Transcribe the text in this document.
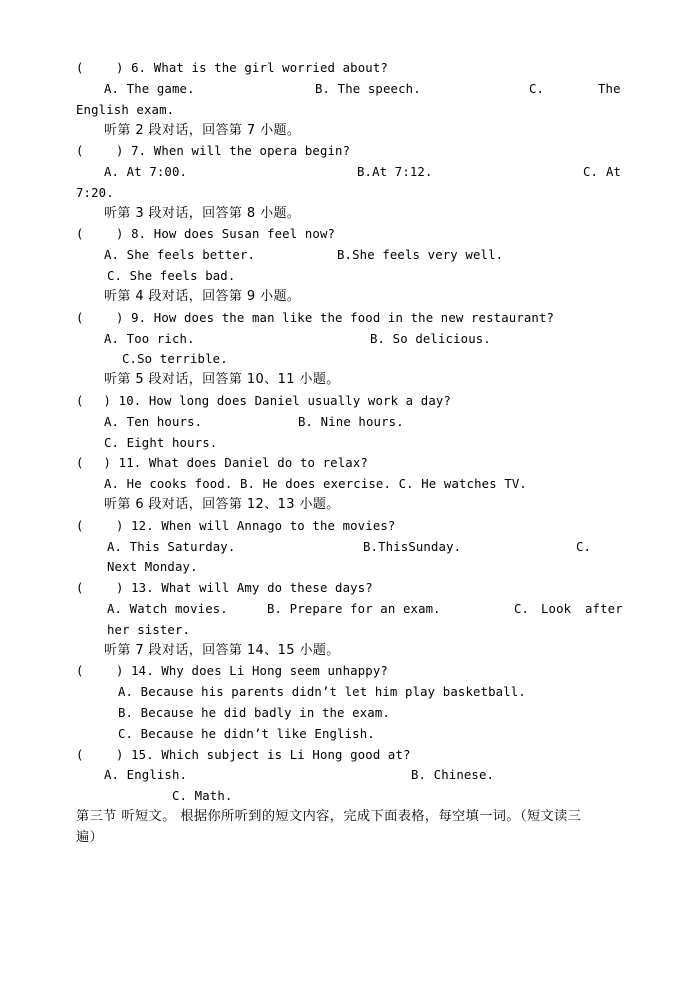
(　 　) 6. What is the girl worried about?
A. The game.	B. The speech.	C.	The
English exam.
听第 2 段对话，回答第 7 小题。
(　 　) 7. When will the opera begin?
A. At 7:00.	B.At 7:12.	C. At
7:20.
听第 3 段对话，回答第 8 小题。
(　 　) 8. How does Susan feel now?
A. She feels better.	B.She feels very well.
C. She feels bad.
听第 4 段对话，回答第 9 小题。
(　 　) 9. How does the man like the food in the new restaurant?
A. Too rich.	B. So delicious.
C.So terrible.
听第 5 段对话，回答第 10、11 小题。
(　 ) 10. How long does Daniel usually work a day?
A. Ten hours.	B. Nine hours.
C. Eight hours.
(　 ) 11. What does Daniel do to relax?
A. He cooks food. B. He does exercise. C. He watches TV.
听第 6 段对话，回答第 12、13 小题。
(　 　) 12. When will Annago to the movies?
A. This Saturday.	B.ThisSunday.	C.
Next Monday.
(　 　) 13. What will Amy do these days?
A. Watch movies.	B. Prepare for an exam.	C. Look after
her sister.
听第 7 段对话，回答第 14、15 小题。
(　 　) 14. Why does Li Hong seem unhappy?
A. Because his parents didn’t let him play basketball.
B. Because he did badly in the exam.
C. Because he didn’t like English.
(　 　) 15. Which subject is Li Hong good at?
A. English.	B. Chinese.
C. Math.
第三节 听短文。 根据你所听到的短文内容，完成下面表格，每空填一词。（短文读三
遍）
